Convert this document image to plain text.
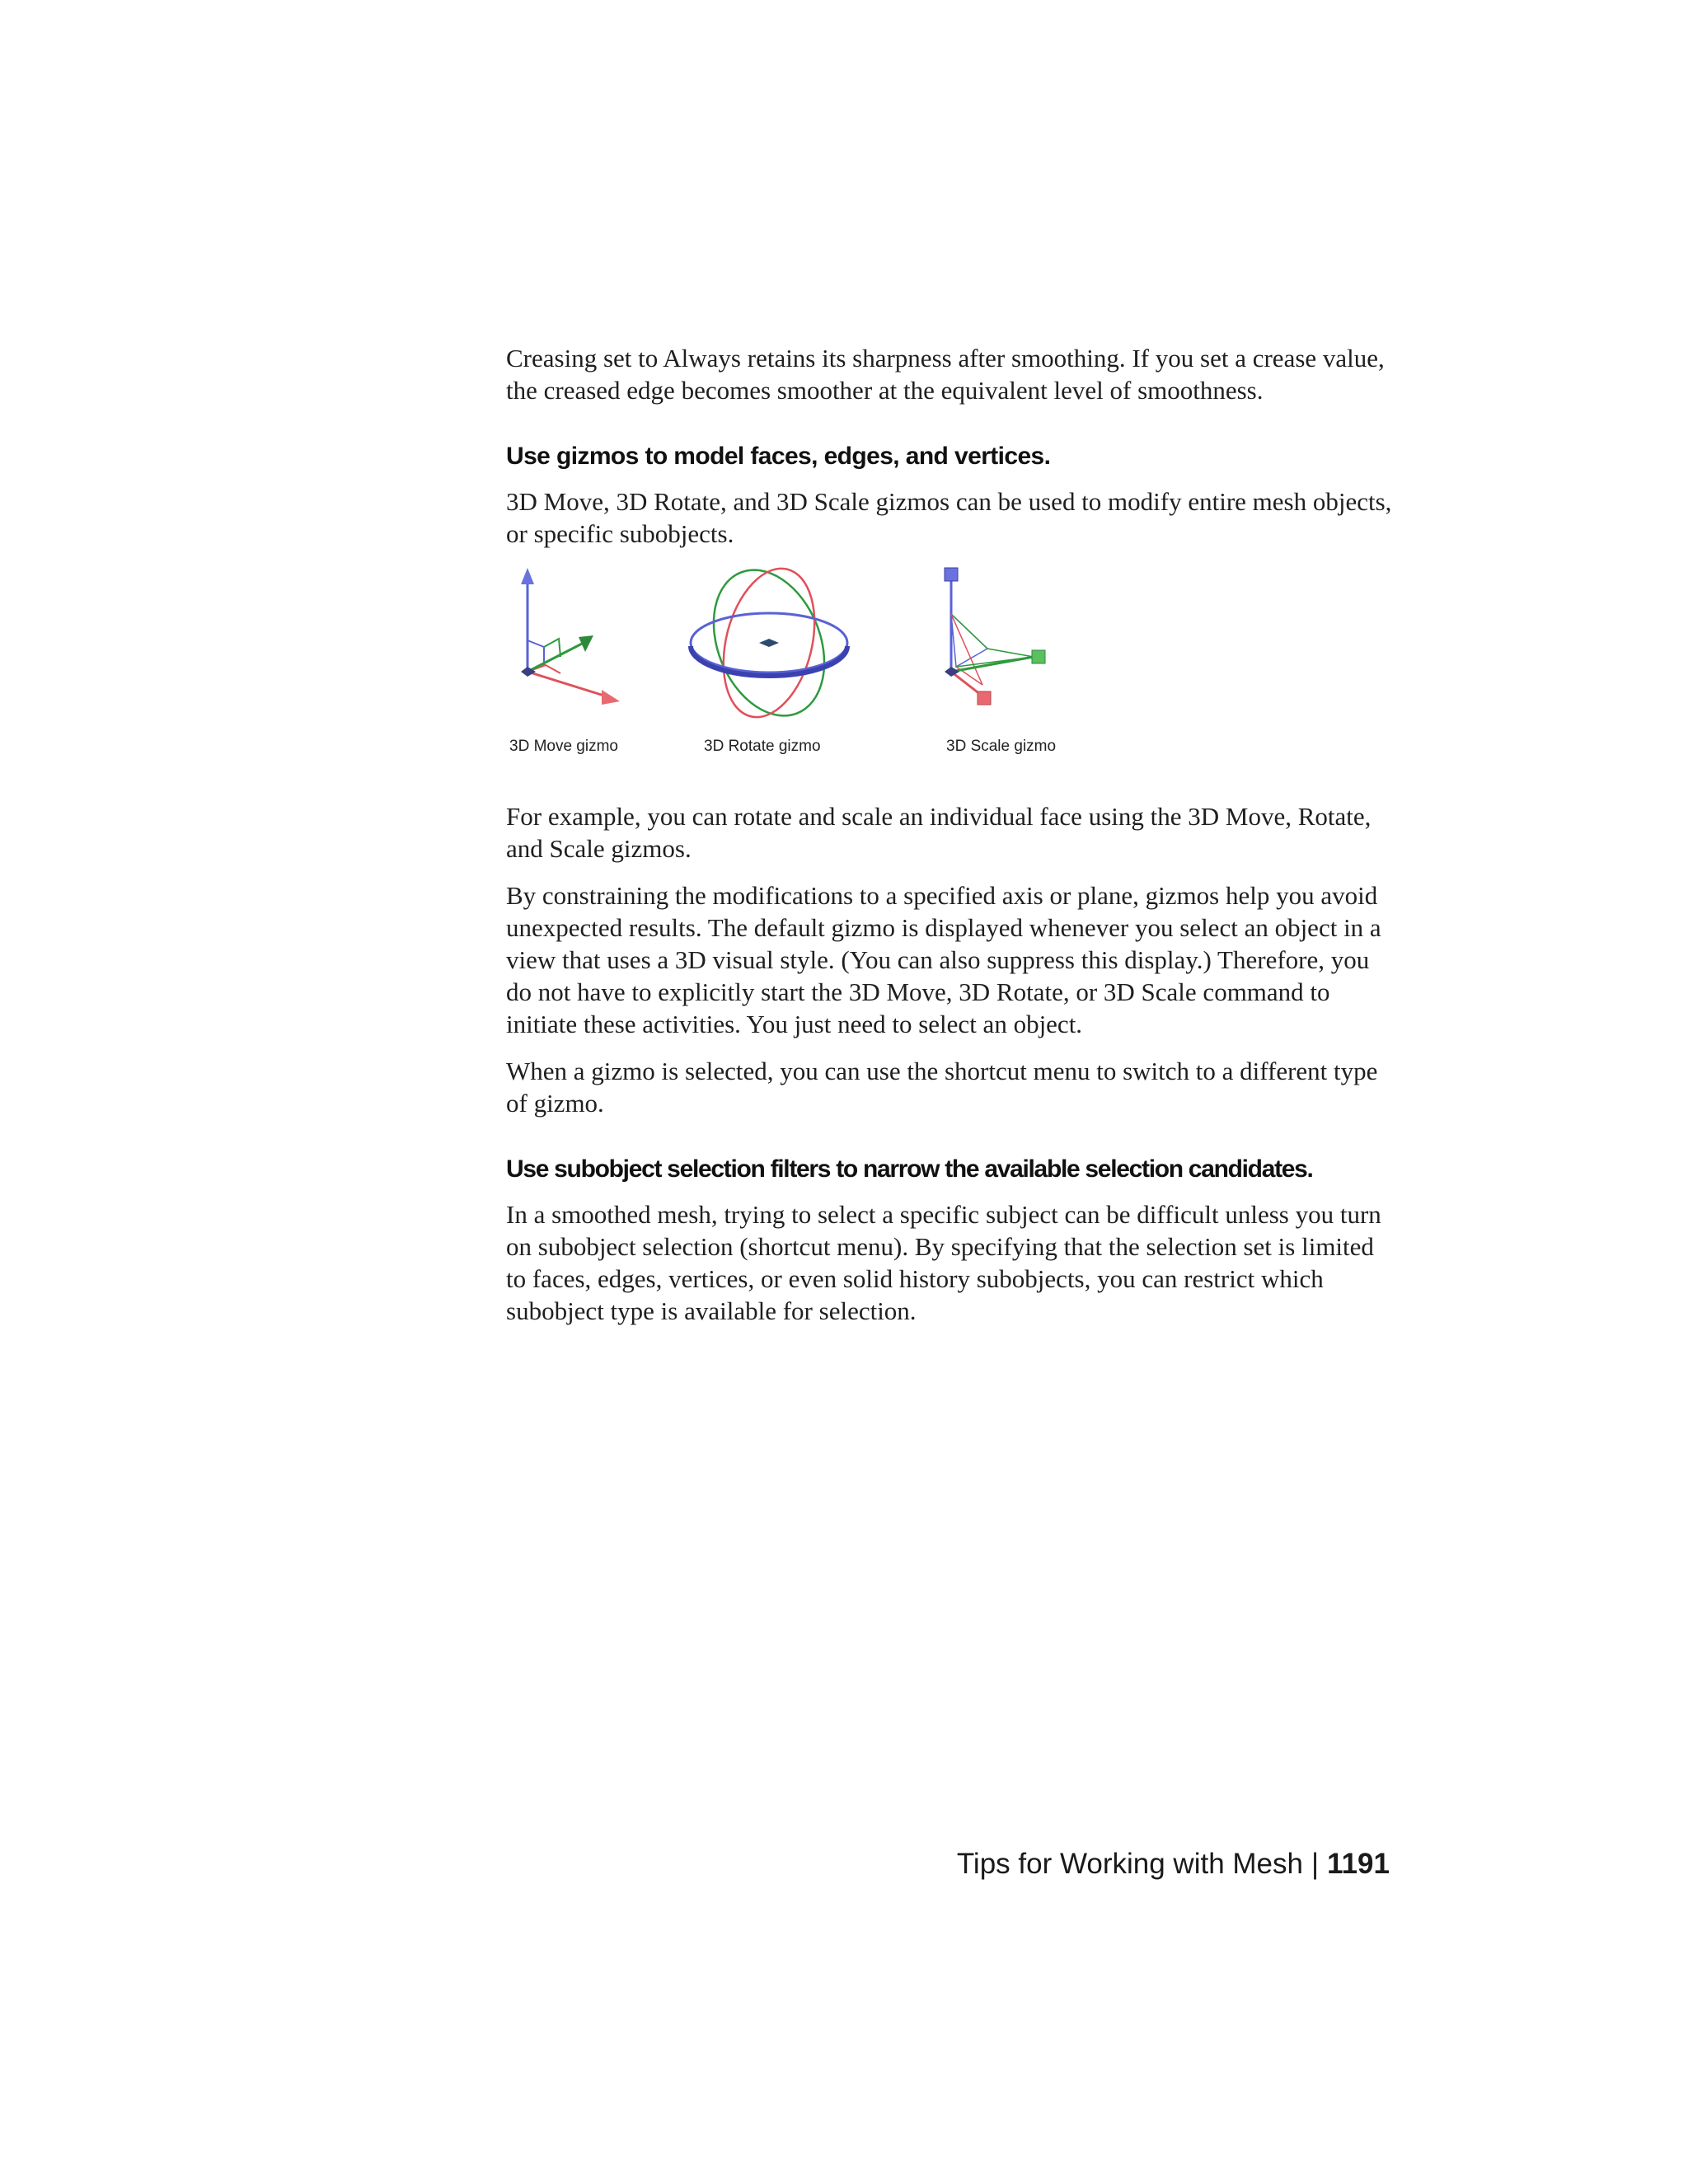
Creasing set to Always retains its sharpness after smoothing. If you set a crease value, the creased edge becomes smoother at the equivalent level of smoothness.

Use gizmos to model faces, edges, and vertices.

3D Move, 3D Rotate, and 3D Scale gizmos can be used to modify entire mesh objects, or specific subobjects.

3D Move gizmo	3D Rotate gizmo	3D Scale gizmo

For example, you can rotate and scale an individual face using the 3D Move, Rotate, and Scale gizmos.

By constraining the modifications to a specified axis or plane, gizmos help you avoid unexpected results. The default gizmo is displayed whenever you select an object in a view that uses a 3D visual style. (You can also suppress this display.) Therefore, you do not have to explicitly start the 3D Move, 3D Rotate, or 3D Scale command to initiate these activities. You just need to select an object.

When a gizmo is selected, you can use the shortcut menu to switch to a different type of gizmo.

Use subobject selection filters to narrow the available selection candidates.

In a smoothed mesh, trying to select a specific subject can be difficult unless you turn on subobject selection (shortcut menu). By specifying that the selection set is limited to faces, edges, vertices, or even solid history subobjects, you can restrict which subobject type is available for selection.

Tips for Working with Mesh | 1191
